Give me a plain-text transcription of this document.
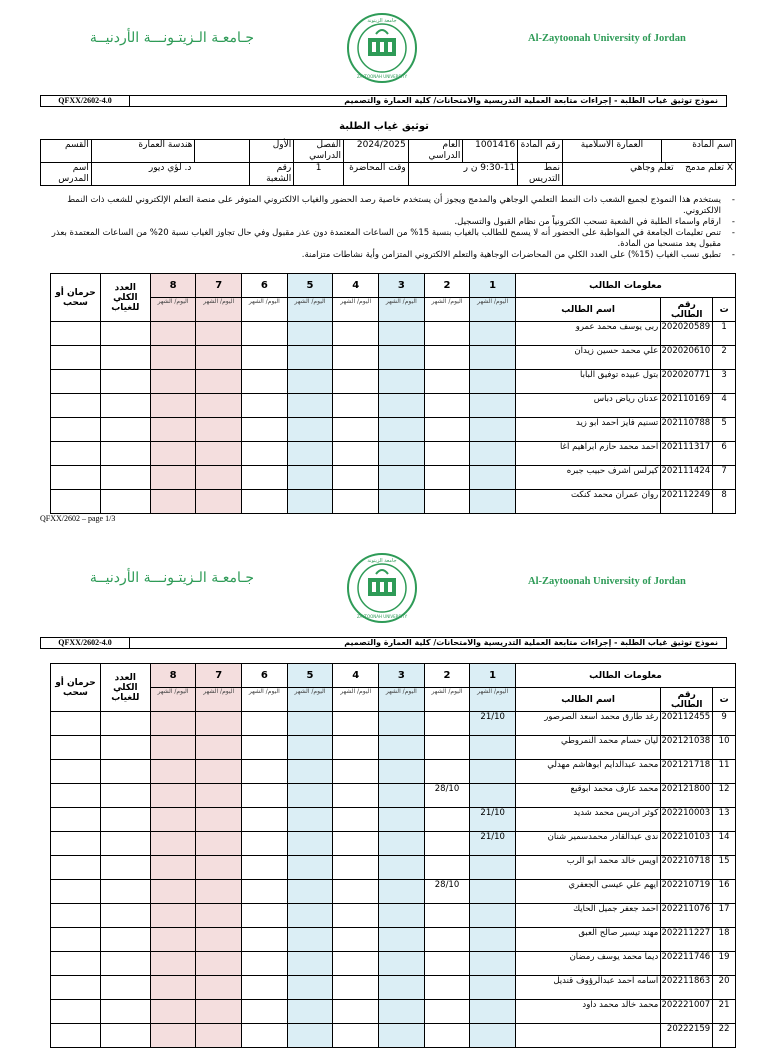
جـامعـة الـزيتـونـــة الأردنيــة
جامعة الزيتونة
ZAYTOONAH UNIVERSITY
Al-Zaytoonah University of Jordan
QFXX/2602-4.0	نموذج توثيق غياب الطلبة - إجراءات متابعة العملية التدريسية والامتحانات/ كلية العمارة والتصميم
توثيق غياب الطلبة
اسم المادة	العمارة الاسلامية	رقم المادة	1001416	العام الدراسي	2024/2025	الفصل الدراسي	الأول		هندسة العمارة	القسم
X تعلم مدمج    تعلم وجاهي		نمط التدريس	9:30-11 ن ر		وقت المحاضرة	1	رقم الشعبة	د. لؤي ديور		اسم المدرس
- يستخدم هذا النموذج لجميع الشعب ذات النمط التعلمي الوجاهي والمدمج ويجوز أن يستخدم خاصية رصد الحضور والغياب الالكتروني المتوفر على منصة التعلم الإلكتروني للشعب ذات النمط الالكتروني.
- ارقام واسماء الطلبة في الشعبة تسحب الكترونياً من نظام القبول والتسجيل.
- تنص تعليمات الجامعة في المواظبة على الحضور أنه لا يسمح للطالب بالغياب بنسبة 15% من الساعات المعتمدة دون عذر مقبول وفي حال تجاوز الغياب نسبة 20% من الساعات المعتمدة بعذر مقبول يعد منسحبا من المادة.
- تطبق نسب الغياب (15%) على العدد الكلي من المحاضرات الوجاهية والتعلم الالكتروني المتزامن وأية نشاطات متزامنة.
معلومات الطالب			1	2	3	4	5	6	7	8	العدد الكلي للغياب	حرمان أو سحب
ت	رقم الطالب	اسم الطالب	اليوم/ الشهر	اليوم/ الشهر	اليوم/ الشهر	اليوم/ الشهر	اليوم/ الشهر	اليوم/ الشهر	اليوم/ الشهر	اليوم/ الشهر		
1	202020589	ربى يوسف محمد عمرو										
2	202020610	علي محمد حسين زيدان										
3	202020771	بتول عبيده توفيق البابا										
4	202110169	عدنان رياض دباس										
5	202110788	تسنيم فايز احمد ابو زيد										
6	202111317	احمد محمد حازم ابراهيم اغا										
7	202111424	كيرلس اشرف حبيب جبره										
8	202112249	روان عمران محمد كنكت										
QFXX/2602 – page 1/3
جـامعـة الـزيتـونـــة الأردنيــة
جامعة الزيتونة
ZAYTOONAH UNIVERSITY
Al-Zaytoonah University of Jordan
QFXX/2602-4.0	نموذج توثيق غياب الطلبة - إجراءات متابعة العملية التدريسية والامتحانات/ كلية العمارة والتصميم
معلومات الطالب			1	2	3	4	5	6	7	8	العدد الكلي للغياب	حرمان أو سحب
ت	رقم الطالب	اسم الطالب	اليوم/ الشهر	اليوم/ الشهر	اليوم/ الشهر	اليوم/ الشهر	اليوم/ الشهر	اليوم/ الشهر	اليوم/ الشهر	اليوم/ الشهر		
9	202112455	رغد طارق محمد اسعد الصرصور	21/10									
10	202121038	ليان حسام محمد النمروطي										
11	202121718	محمد عبدالدايم ابوهاشم مهدلي										
12	202121800	محمد عارف محمد ابوقبع		28/10								
13	202210003	كوثر ادريس محمد شديد	21/10									
14	202210103	ندى عبدالقادر محمدسمير شنان	21/10									
15	202210718	اويس خالد محمد ابو الرب										
16	202210719	ايهم علي عيسى الجعفري		28/10								
17	202211076	احمد جعفر جميل الحايك										
18	202211227	مهند تيسير صالح العبق										
19	202211746	ديما محمد يوسف رمضان										
20	202211863	اسامه احمد عبدالرؤوف قنديل										
21	202221007	محمد خالد محمد داود										
22	20222159											
